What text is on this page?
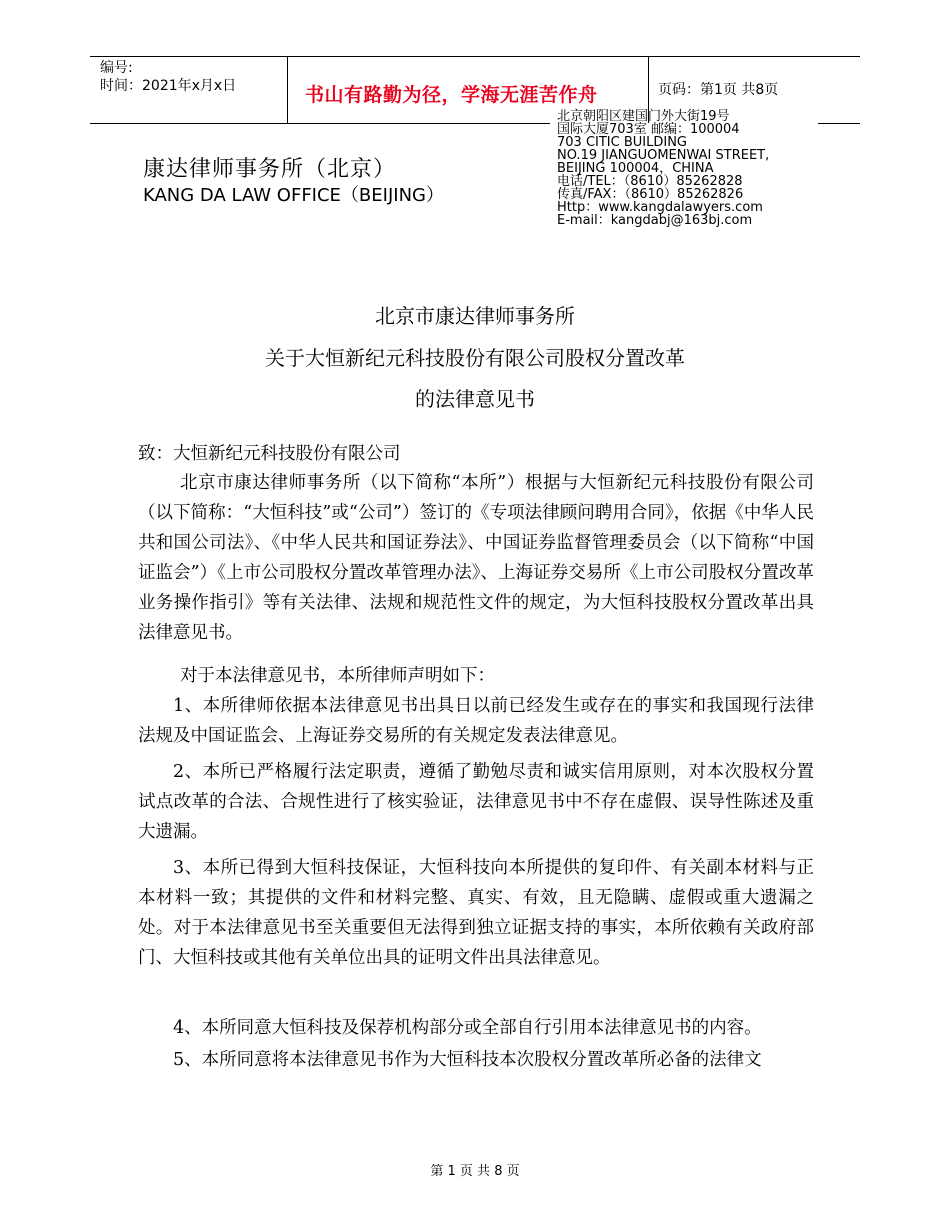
编号:
时间：2021年x月x日	书山有路勤为径，学海无涯苦作舟	页码：第1页 共8页
北京朝阳区建国门外大街19号
国际大厦703室 邮编：100004
703 CITIC BUILDING
NO.19 JIANGUOMENWAI STREET,
BEIJING 100004，CHINA
电话/TEL：（8610）85262828
传真/FAX：（8610）85262826
Http：www.kangdalawyers.com
E-mail：kangdabj@163bj.com
康达律师事务所（北京）
KANG DA LAW OFFICE（BEIJING）
北京市康达律师事务所
关于大恒新纪元科技股份有限公司股权分置改革
的法律意见书
致：大恒新纪元科技股份有限公司
北京市康达律师事务所（以下简称“本所”）根据与大恒新纪元科技股份有限公司（以下简称：“大恒科技”或“公司”）签订的《专项法律顾问聘用合同》，依据《中华人民共和国公司法》、《中华人民共和国证券法》、中国证券监督管理委员会（以下简称“中国证监会”）《上市公司股权分置改革管理办法》、上海证券交易所《上市公司股权分置改革业务操作指引》等有关法律、法规和规范性文件的规定，为大恒科技股权分置改革出具法律意见书。
对于本法律意见书，本所律师声明如下：
1、本所律师依据本法律意见书出具日以前已经发生或存在的事实和我国现行法律法规及中国证监会、上海证券交易所的有关规定发表法律意见。
2、本所已严格履行法定职责，遵循了勤勉尽责和诚实信用原则，对本次股权分置试点改革的合法、合规性进行了核实验证，法律意见书中不存在虚假、误导性陈述及重大遗漏。
3、本所已得到大恒科技保证，大恒科技向本所提供的复印件、有关副本材料与正本材料一致；其提供的文件和材料完整、真实、有效，且无隐瞒、虚假或重大遗漏之处。对于本法律意见书至关重要但无法得到独立证据支持的事实，本所依赖有关政府部门、大恒科技或其他有关单位出具的证明文件出具法律意见。
4、本所同意大恒科技及保荐机构部分或全部自行引用本法律意见书的内容。
5、本所同意将本法律意见书作为大恒科技本次股权分置改革所必备的法律文
第 1 页 共 8 页
